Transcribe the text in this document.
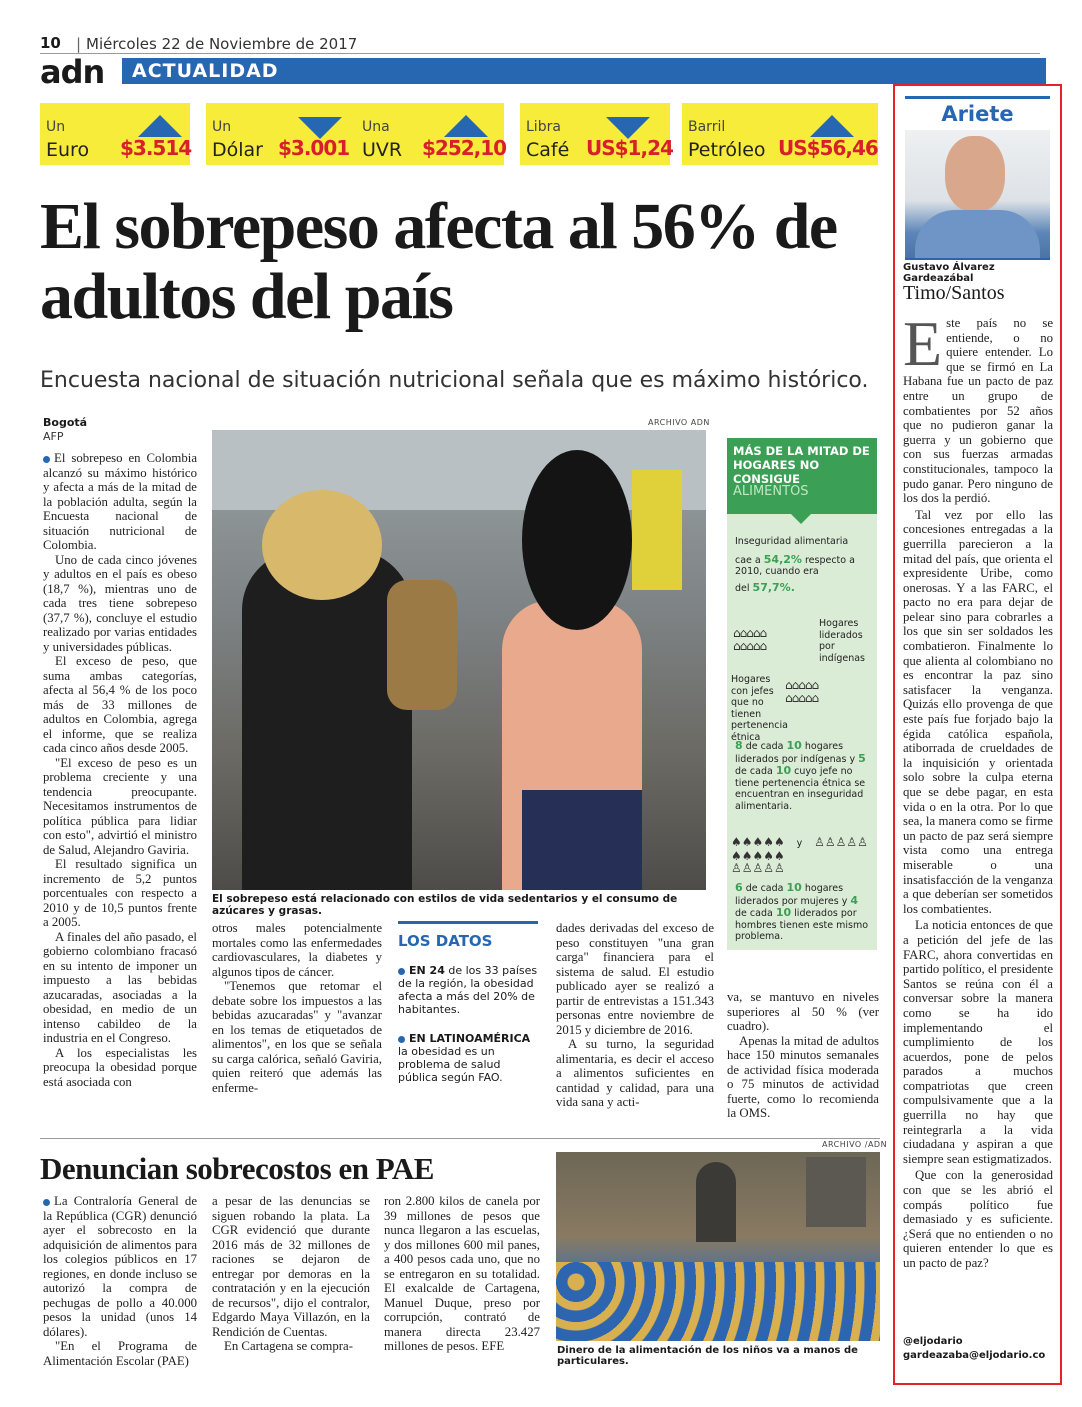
10 | Miércoles 22 de Noviembre de 2017
adn ACTUALIDAD
Un
Euro $3.514
Un
Dólar $3.001
Una
UVR $252,10
Libra
Café US$1,24
Barril
Petróleo US$56,46
El sobrepeso afecta al 56% de adultos del país
Encuesta nacional de situación nutricional señala que es máximo histórico.
Bogotá
AFP

El sobrepeso en Colombia alcanzó su máximo histórico y afecta a más de la mitad de la población adulta, según la Encuesta nacional de situación nutricional de Colombia.

Uno de cada cinco jóvenes y adultos en el país es obeso (18,7 %), mientras uno de cada tres tiene sobrepeso (37,7 %), concluye el estudio realizado por varias entidades y universidades públicas.

El exceso de peso, que suma ambas categorías, afecta al 56,4 % de los poco más de 33 millones de adultos en Colombia, agrega el informe, que se realiza cada cinco años desde 2005.

"El exceso de peso es un problema creciente y una tendencia preocupante. Necesitamos instrumentos de política pública para lidiar con esto", advirtió el ministro de Salud, Alejandro Gaviria.

El resultado significa un incremento de 5,2 puntos porcentuales con respecto a 2010 y de 10,5 puntos frente a 2005.

A finales del año pasado, el gobierno colombiano fracasó en su intento de imponer un impuesto a las bebidas azucaradas, asociadas a la obesidad, en medio de un intenso cabildeo de la industria en el Congreso.

A los especialistas les preocupa la obesidad porque está asociada con

ARCHIVO ADN
El sobrepeso está relacionado con estilos de vida sedentarios y el consumo de azúcares y grasas.
MÁS DE LA MITAD DE HOGARES NO CONSIGUE
ALIMENTOS
Inseguridad alimentaria
cae a 54,2% respecto a 2010, cuando era
del 57,7%.
⌂⌂⌂⌂⌂
⌂⌂⌂⌂⌂
Hogares liderados por indígenas
Hogares con jefes que no tienen pertenencia étnica
⌂⌂⌂⌂⌂
⌂⌂⌂⌂⌂
8 de cada 10 hogares liderados por indígenas y 5 de cada 10 cuyo jefe no tiene pertenencia étnica se encuentran en inseguridad alimentaria.
♠♠♠♠♠ y ♙♙♙♙♙
♠♠♠♠♠ ♙♙♙♙♙
6 de cada 10 hogares liderados por mujeres y 4 de cada 10 liderados por hombres tienen este mismo problema.

otros males potencialmente mortales como las enfermedades cardiovasculares, la diabetes y algunos tipos de cáncer.

"Tenemos que retomar el debate sobre los impuestos a las bebidas azucaradas" y "avanzar en los temas de etiquetados de alimentos", en los que se señala su carga calórica, señaló Gaviria, quien reiteró que además las enferme-

LOS DATOS
EN 24 de los 33 países de la región, la obesidad afecta a más del 20% de habitantes.
EN LATINOAMÉRICA la obesidad es un problema de salud pública según FAO.

dades derivadas del exceso de peso constituyen "una gran carga" financiera para el sistema de salud. El estudio publicado ayer se realizó a partir de entrevistas a 151.343 personas entre noviembre de 2015 y diciembre de 2016.

A su turno, la seguridad alimentaria, es decir el acceso a alimentos suficientes en cantidad y calidad, para una vida sana y acti-

va, se mantuvo en niveles superiores al 50 % (ver cuadro).

Apenas la mitad de adultos hace 150 minutos semanales de actividad física moderada o 75 minutos de actividad fuerte, como lo recomienda la OMS.

Denuncian sobrecostos en PAE

La Contraloría General de la República (CGR) denunció ayer el sobrecosto en la adquisición de alimentos para los colegios públicos en 17 regiones, en donde incluso se autorizó la compra de pechugas de pollo a 40.000 pesos la unidad (unos 14 dólares).

"En el Programa de Alimentación Escolar (PAE)

a pesar de las denuncias se siguen robando la plata. La CGR evidenció que durante 2016 más de 32 millones de raciones se dejaron de entregar por demoras en la contratación y en la ejecución de recursos", dijo el contralor, Edgardo Maya Villazón, en la Rendición de Cuentas.

En Cartagena se compra-

ron 2.800 kilos de canela por 39 millones de pesos que nunca llegaron a las escuelas, y dos millones 600 mil panes, a 400 pesos cada uno, que no se entregaron en su totalidad. El exalcalde de Cartagena, Manuel Duque, preso por corrupción, contrató de manera directa 23.427 millones de pesos. EFE

ARCHIVO /ADN
Dinero de la alimentación de los niños va a manos de particulares.
Ariete
Gustavo Álvarez Gardeazábal
Timo/Santos

Este país no se entiende, o no quiere entender. Lo que se firmó en La Habana fue un pacto de paz entre un grupo de combatientes por 52 años que no pudieron ganar la guerra y un gobierno que con sus fuerzas armadas constitucionales, tampoco la pudo ganar. Pero ninguno de los dos la perdió.

Tal vez por ello las concesiones entregadas a la guerrilla parecieron a la mitad del país, que orienta el expresidente Uribe, como onerosas. Y a las FARC, el pacto no era para dejar de pelear sino para cobrarles a los que sin ser soldados les combatieron. Finalmente lo que alienta al colombiano no es encontrar la paz sino satisfacer la venganza. Quizás ello provenga de que este país fue forjado bajo la égida católica española, atiborrada de crueldades de la inquisición y orientada solo sobre la culpa eterna que se debe pagar, en esta vida o en la otra. Por lo que sea, la manera como se firme un pacto de paz será siempre vista como una entrega miserable o una insatisfacción de la venganza a que deberían ser sometidos los combatientes.

La noticia entonces de que a petición del jefe de las FARC, ahora convertidas en partido político, el presidente Santos se reúna con él a conversar sobre la manera como se ha ido implementando el cumplimiento de los acuerdos, pone de pelos parados a muchos compatriotas que creen compulsivamente que a la guerrilla no hay que reintegrarla a la vida ciudadana y aspiran a que siempre sean estigmatizados.

Que con la generosidad con que se les abrió el compás político fue demasiado y es suficiente. ¿Será que no entienden o no quieren entender lo que es un pacto de paz?

@eljodario
gardeazaba@eljodario.co
